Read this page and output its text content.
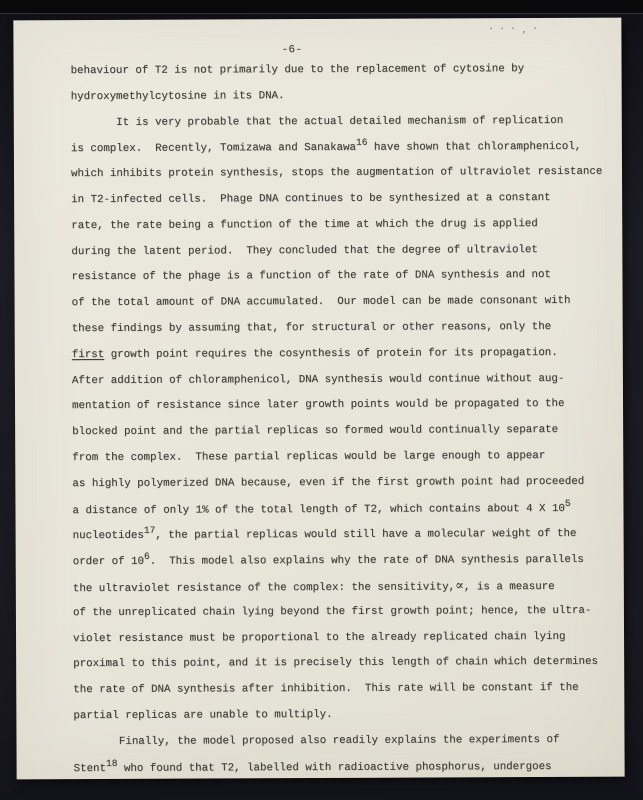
-6-
· · · , ·
behaviour of T2 is not primarily due to the replacement of cytosine by
hydroxymethylcytosine in its DNA.
It is very probable that the actual detailed mechanism of replication
is complex.  Recently, Tomizawa and Sanakawa16 have shown that chloramphenicol,
which inhibits protein synthesis, stops the augmentation of ultraviolet resistance
in T2-infected cells.  Phage DNA continues to be synthesized at a constant
rate, the rate being a function of the time at which the drug is applied
during the latent period.  They concluded that the degree of ultraviolet
resistance of the phage is a function of the rate of DNA synthesis and not
of the total amount of DNA accumulated.  Our model can be made consonant with
these findings by assuming that, for structural or other reasons, only the
first growth point requires the cosynthesis of protein for its propagation.
After addition of chloramphenicol, DNA synthesis would continue without aug-
mentation of resistance since later growth points would be propagated to the
blocked point and the partial replicas so formed would continually separate
from the complex.  These partial replicas would be large enough to appear
as highly polymerized DNA because, even if the first growth point had proceeded
a distance of only 1% of the total length of T2, which contains about 4 X 105
nucleotides17, the partial replicas would still have a molecular weight of the
order of 106.  This model also explains why the rate of DNA synthesis parallels
the ultraviolet resistance of the complex: the sensitivity,∝, is a measure
of the unreplicated chain lying beyond the first growth point; hence, the ultra-
violet resistance must be proportional to the already replicated chain lying
proximal to this point, and it is precisely this length of chain which determines
the rate of DNA synthesis after inhibition.  This rate will be constant if the
partial replicas are unable to multiply.
Finally, the model proposed also readily explains the experiments of
Stent18 who found that T2, labelled with radioactive phosphorus, undergoes
